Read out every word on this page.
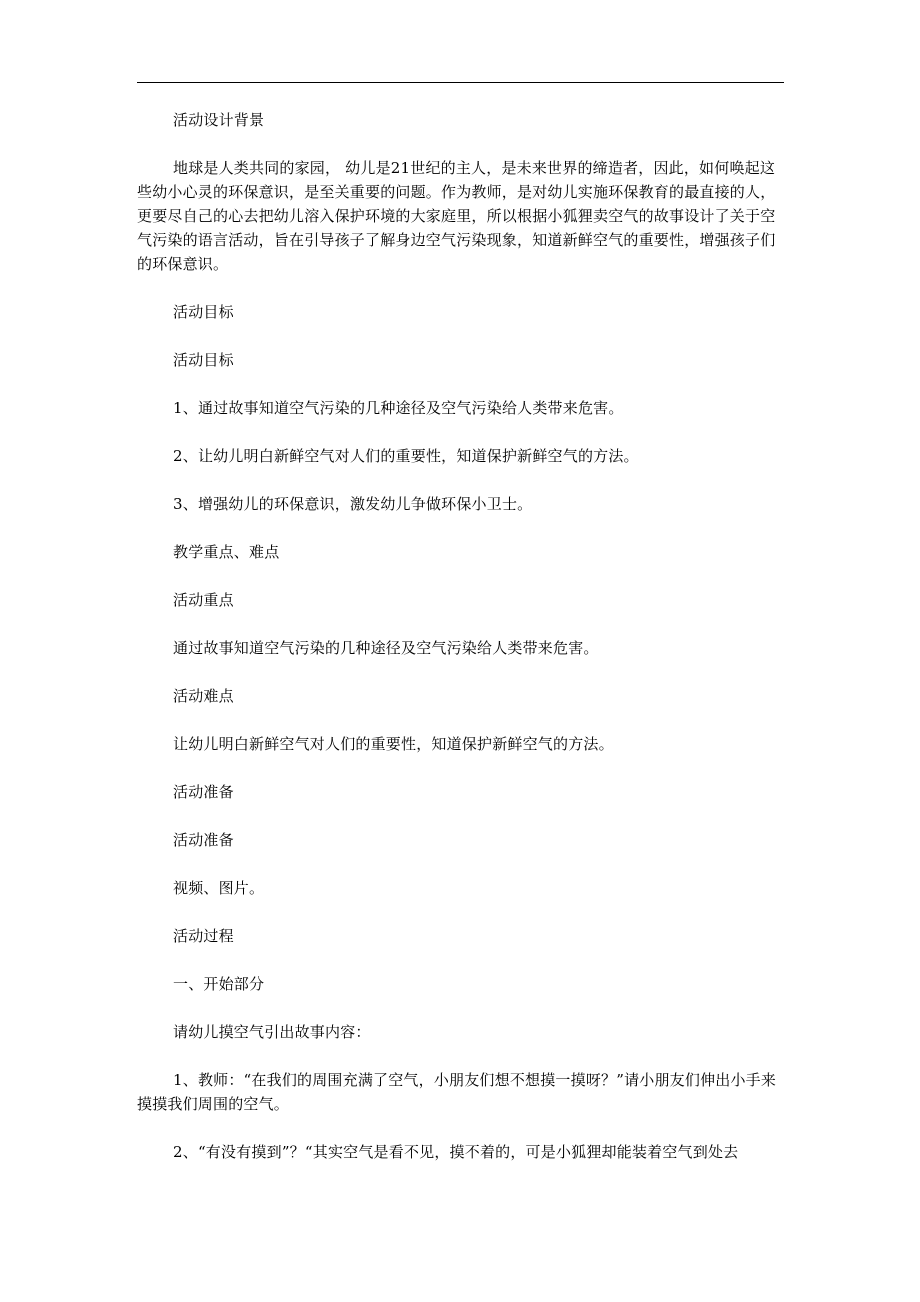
活动设计背景

地球是人类共同的家园， 幼儿是21世纪的主人，是未来世界的缔造者，因此，如何唤起这些幼小心灵的环保意识，是至关重要的问题。作为教师，是对幼儿实施环保教育的最直接的人，更要尽自己的心去把幼儿溶入保护环境的大家庭里，所以根据小狐狸卖空气的故事设计了关于空气污染的语言活动，旨在引导孩子了解身边空气污染现象，知道新鲜空气的重要性，增强孩子们的环保意识。

活动目标

活动目标

1、通过故事知道空气污染的几种途径及空气污染给人类带来危害。

2、让幼儿明白新鲜空气对人们的重要性，知道保护新鲜空气的方法。

3、增强幼儿的环保意识，激发幼儿争做环保小卫士。

教学重点、难点

活动重点

通过故事知道空气污染的几种途径及空气污染给人类带来危害。

活动难点

让幼儿明白新鲜空气对人们的重要性，知道保护新鲜空气的方法。

活动准备

活动准备

视频、图片。

活动过程

一、开始部分

请幼儿摸空气引出故事内容：

1、教师：“在我们的周围充满了空气，小朋友们想不想摸一摸呀？”请小朋友们伸出小手来摸摸我们周围的空气。

2、“有没有摸到”？“其实空气是看不见，摸不着的，可是小狐狸却能装着空气到处去
